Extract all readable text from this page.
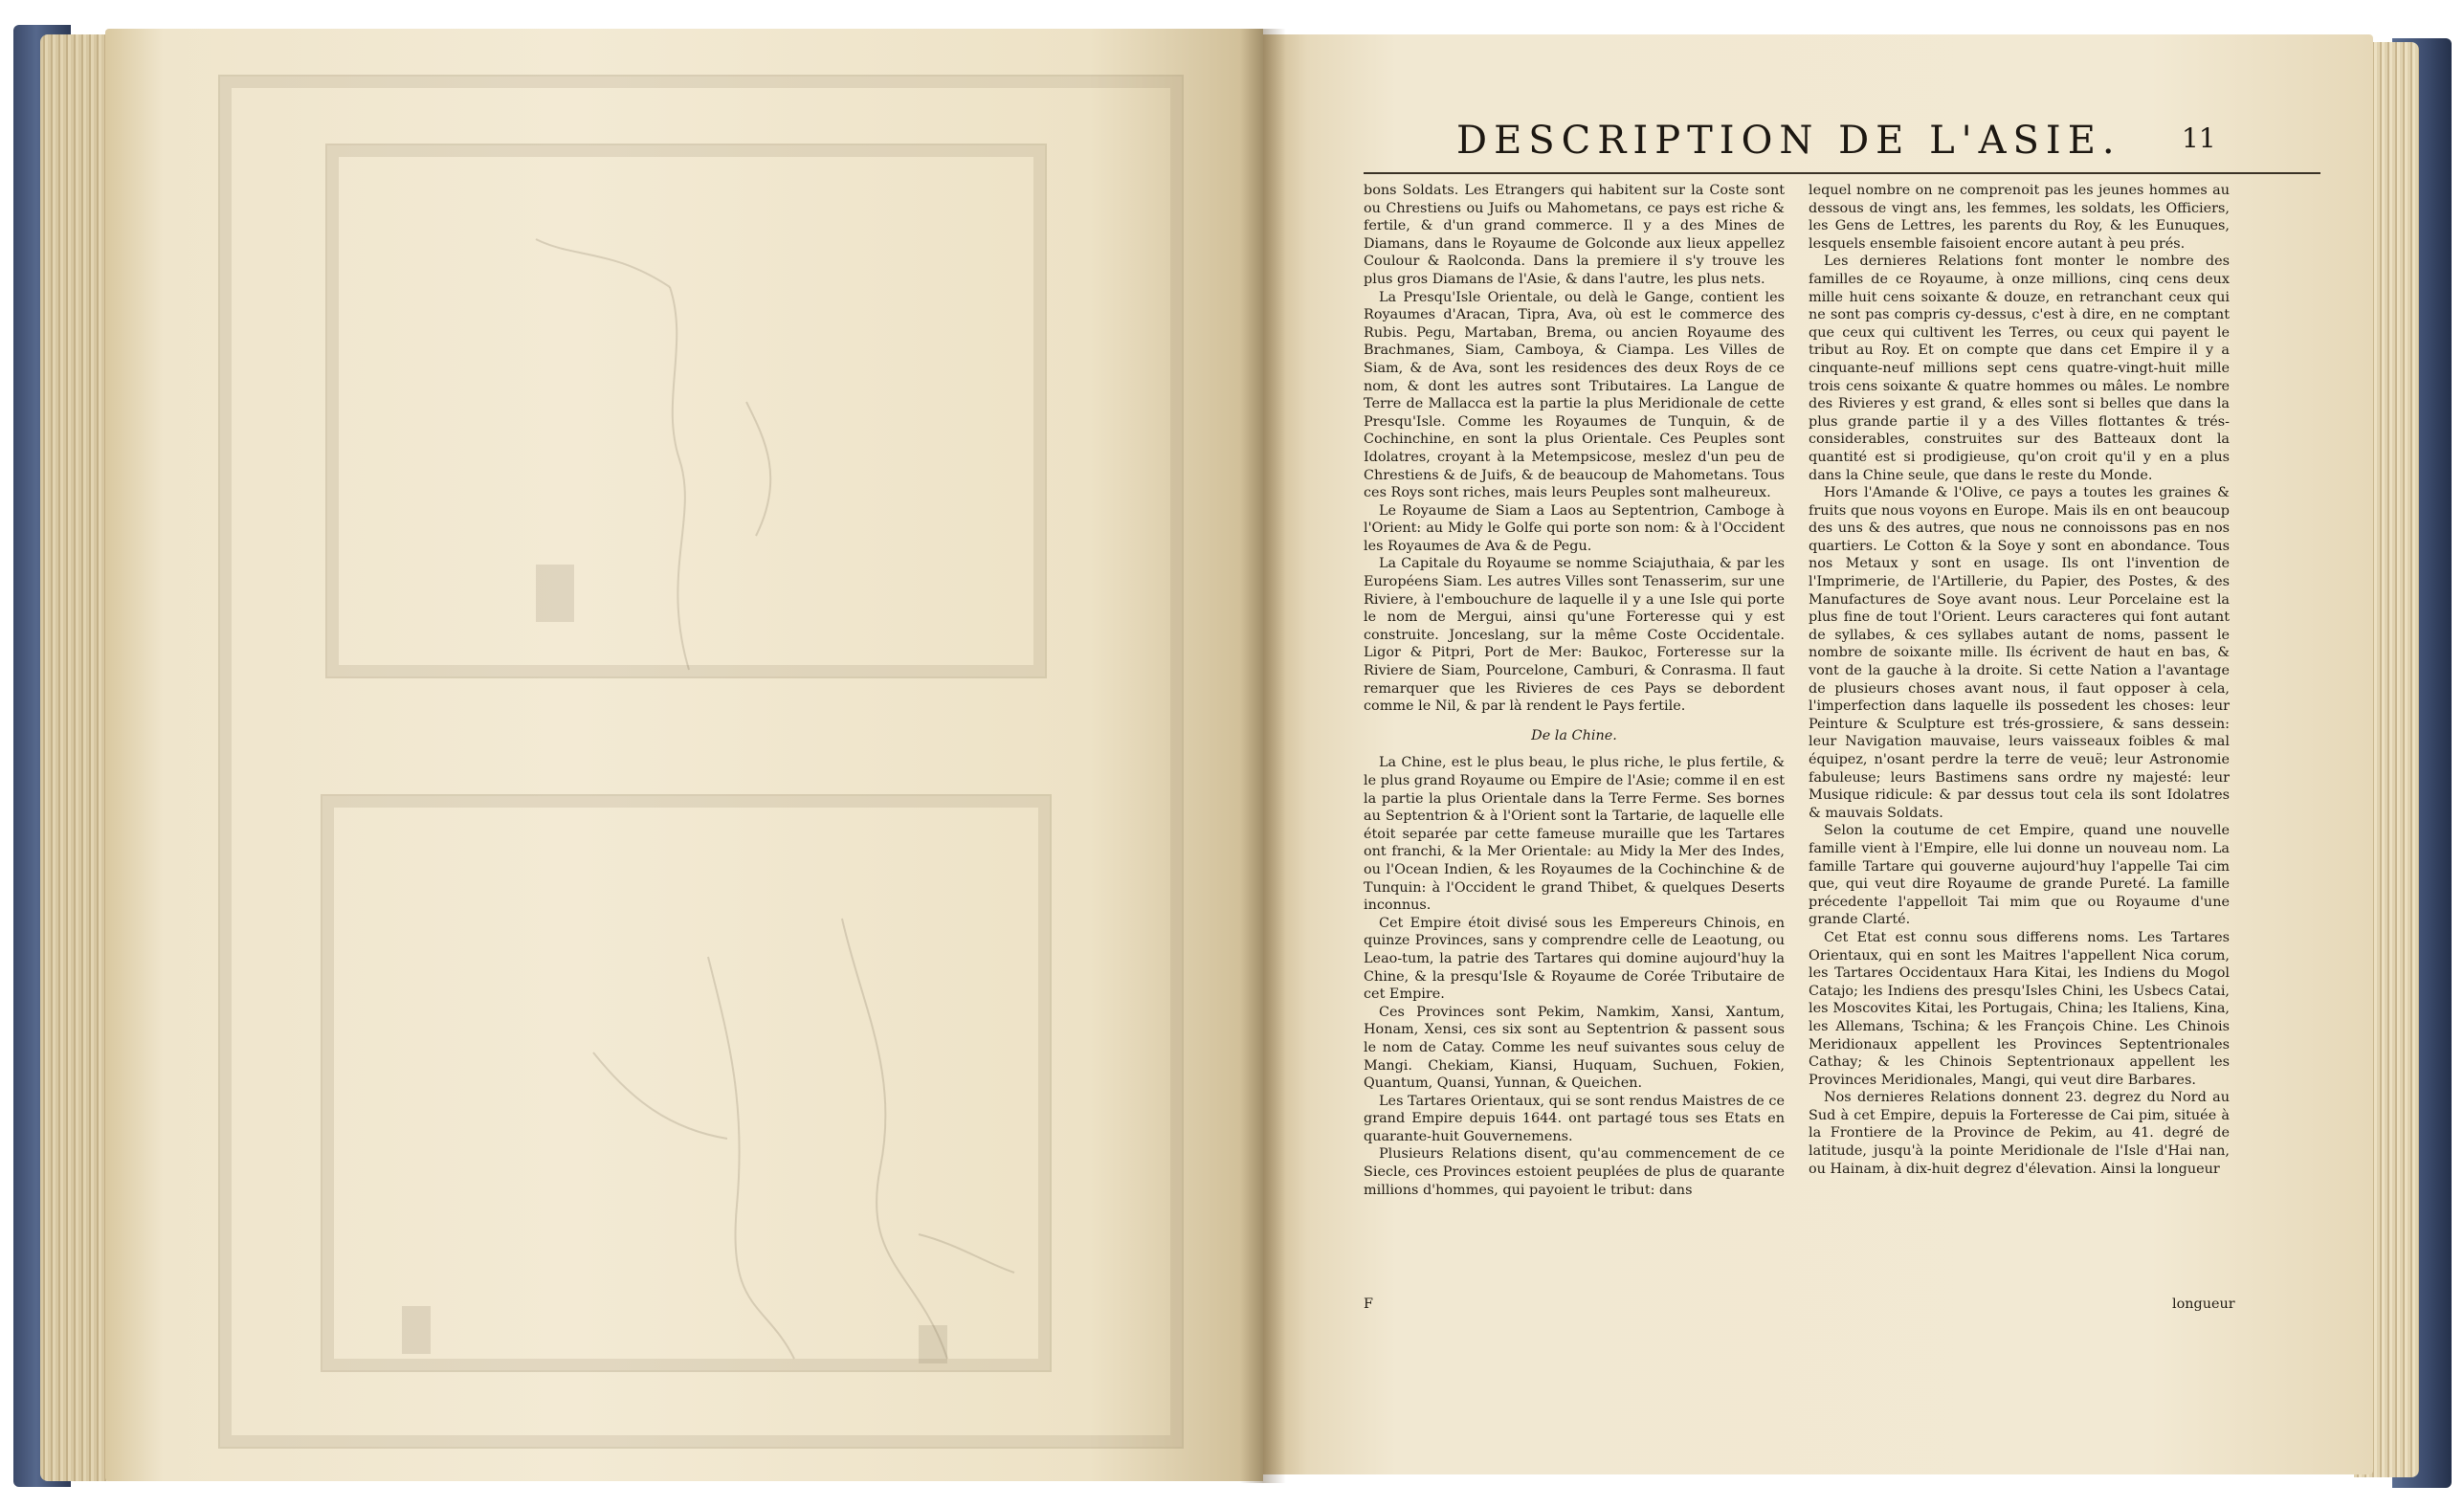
DESCRIPTION DE L'ASIE. 11

bons Soldats. Les Etrangers qui habitent sur la Coste sont ou Chrestiens ou Juifs ou Mahometans, ce pays est riche & fertile, & d'un grand commerce. Il y a des Mines de Diamans, dans le Royaume de Golconde aux lieux appellez Coulour & Raolconda. Dans la premiere il s'y trouve les plus gros Diamans de l'Asie, & dans l'autre, les plus nets.

La Presqu'Isle Orientale, ou delà le Gange, contient les Royaumes d'Aracan, Tipra, Ava, où est le commerce des Rubis. Pegu, Martaban, Brema, ou ancien Royaume des Brachmanes, Siam, Camboya, & Ciampa. Les Villes de Siam, & de Ava, sont les residences des deux Roys de ce nom, & dont les autres sont Tributaires. La Langue de Terre de Mallacca est la partie la plus Meridionale de cette Presqu'Isle. Comme les Royaumes de Tunquin, & de Cochinchine, en sont la plus Orientale. Ces Peuples sont Idolatres, croyant à la Metempsicose, meslez d'un peu de Chrestiens & de Juifs, & de beaucoup de Mahometans. Tous ces Roys sont riches, mais leurs Peuples sont malheureux.

Le Royaume de Siam a Laos au Septentrion, Camboge à l'Orient: au Midy le Golfe qui porte son nom: & à l'Occident les Royaumes de Ava & de Pegu.

La Capitale du Royaume se nomme Sciajuthaia, & par les Européens Siam. Les autres Villes sont Tenasserim, sur une Riviere, à l'embouchure de laquelle il y a une Isle qui porte le nom de Mergui, ainsi qu'une Forteresse qui y est construite. Jonceslang, sur la même Coste Occidentale. Ligor & Pitpri, Port de Mer: Baukoc, Forteresse sur la Riviere de Siam, Pourcelone, Camburi, & Conrasma. Il faut remarquer que les Rivieres de ces Pays se debordent comme le Nil, & par là rendent le Pays fertile.

De la Chine.

La Chine, est le plus beau, le plus riche, le plus fertile, & le plus grand Royaume ou Empire de l'Asie; comme il en est la partie la plus Orientale dans la Terre Ferme. Ses bornes au Septentrion & à l'Orient sont la Tartarie, de laquelle elle étoit separée par cette fameuse muraille que les Tartares ont franchi, & la Mer Orientale: au Midy la Mer des Indes, ou l'Ocean Indien, & les Royaumes de la Cochinchine & de Tunquin: à l'Occident le grand Thibet, & quelques Deserts inconnus.

Cet Empire étoit divisé sous les Empereurs Chinois, en quinze Provinces, sans y comprendre celle de Leaotung, ou Leao-tum, la patrie des Tartares qui domine aujourd'huy la Chine, & la presqu'Isle & Royaume de Corée Tributaire de cet Empire.

Ces Provinces sont Pekim, Namkim, Xansi, Xantum, Honam, Xensi, ces six sont au Septentrion & passent sous le nom de Catay. Comme les neuf suivantes sous celuy de Mangi. Chekiam, Kiansi, Huquam, Suchuen, Fokien, Quantum, Quansi, Yunnan, & Queichen.

Les Tartares Orientaux, qui se sont rendus Maistres de ce grand Empire depuis 1644. ont partagé tous ses Etats en quarante-huit Gouvernemens.

Plusieurs Relations disent, qu'au commencement de ce Siecle, ces Provinces estoient peuplées de plus de quarante millions d'hommes, qui payoient le tribut: dans

lequel nombre on ne comprenoit pas les jeunes hommes au dessous de vingt ans, les femmes, les soldats, les Officiers, les Gens de Lettres, les parents du Roy, & les Eunuques, lesquels ensemble faisoient encore autant à peu prés.

Les dernieres Relations font monter le nombre des familles de ce Royaume, à onze millions, cinq cens deux mille huit cens soixante & douze, en retranchant ceux qui ne sont pas compris cy-dessus, c'est à dire, en ne comptant que ceux qui cultivent les Terres, ou ceux qui payent le tribut au Roy. Et on compte que dans cet Empire il y a cinquante-neuf millions sept cens quatre-vingt-huit mille trois cens soixante & quatre hommes ou mâles. Le nombre des Rivieres y est grand, & elles sont si belles que dans la plus grande partie il y a des Villes flottantes & trés-considerables, construites sur des Batteaux dont la quantité est si prodigieuse, qu'on croit qu'il y en a plus dans la Chine seule, que dans le reste du Monde.

Hors l'Amande & l'Olive, ce pays a toutes les graines & fruits que nous voyons en Europe. Mais ils en ont beaucoup des uns & des autres, que nous ne connoissons pas en nos quartiers. Le Cotton & la Soye y sont en abondance. Tous nos Metaux y sont en usage. Ils ont l'invention de l'Imprimerie, de l'Artillerie, du Papier, des Postes, & des Manufactures de Soye avant nous. Leur Porcelaine est la plus fine de tout l'Orient. Leurs caracteres qui font autant de syllabes, & ces syllabes autant de noms, passent le nombre de soixante mille. Ils écrivent de haut en bas, & vont de la gauche à la droite. Si cette Nation a l'avantage de plusieurs choses avant nous, il faut opposer à cela, l'imperfection dans laquelle ils possedent les choses: leur Peinture & Sculpture est trés-grossiere, & sans dessein: leur Navigation mauvaise, leurs vaisseaux foibles & mal équipez, n'osant perdre la terre de veuë; leur Astronomie fabuleuse; leurs Bastimens sans ordre ny majesté: leur Musique ridicule: & par dessus tout cela ils sont Idolatres & mauvais Soldats.

Selon la coutume de cet Empire, quand une nouvelle famille vient à l'Empire, elle lui donne un nouveau nom. La famille Tartare qui gouverne aujourd'huy l'appelle Tai cim que, qui veut dire Royaume de grande Pureté. La famille précedente l'appelloit Tai mim que ou Royaume d'une grande Clarté.

Cet Etat est connu sous differens noms. Les Tartares Orientaux, qui en sont les Maitres l'appellent Nica corum, les Tartares Occidentaux Hara Kitai, les Indiens du Mogol Catajo; les Indiens des presqu'Isles Chini, les Usbecs Catai, les Moscovites Kitai, les Portugais, China; les Italiens, Kina, les Allemans, Tschina; & les François Chine. Les Chinois Meridionaux appellent les Provinces Septentrionales Cathay; & les Chinois Septentrionaux appellent les Provinces Meridionales, Mangi, qui veut dire Barbares.

Nos dernieres Relations donnent 23. degrez du Nord au Sud à cet Empire, depuis la Forteresse de Cai pim, située à la Frontiere de la Province de Pekim, au 41. degré de latitude, jusqu'à la pointe Meridionale de l'Isle d'Hai nan, ou Hainam, à dix-huit degrez d'élevation. Ainsi la longueur

F	longueur
